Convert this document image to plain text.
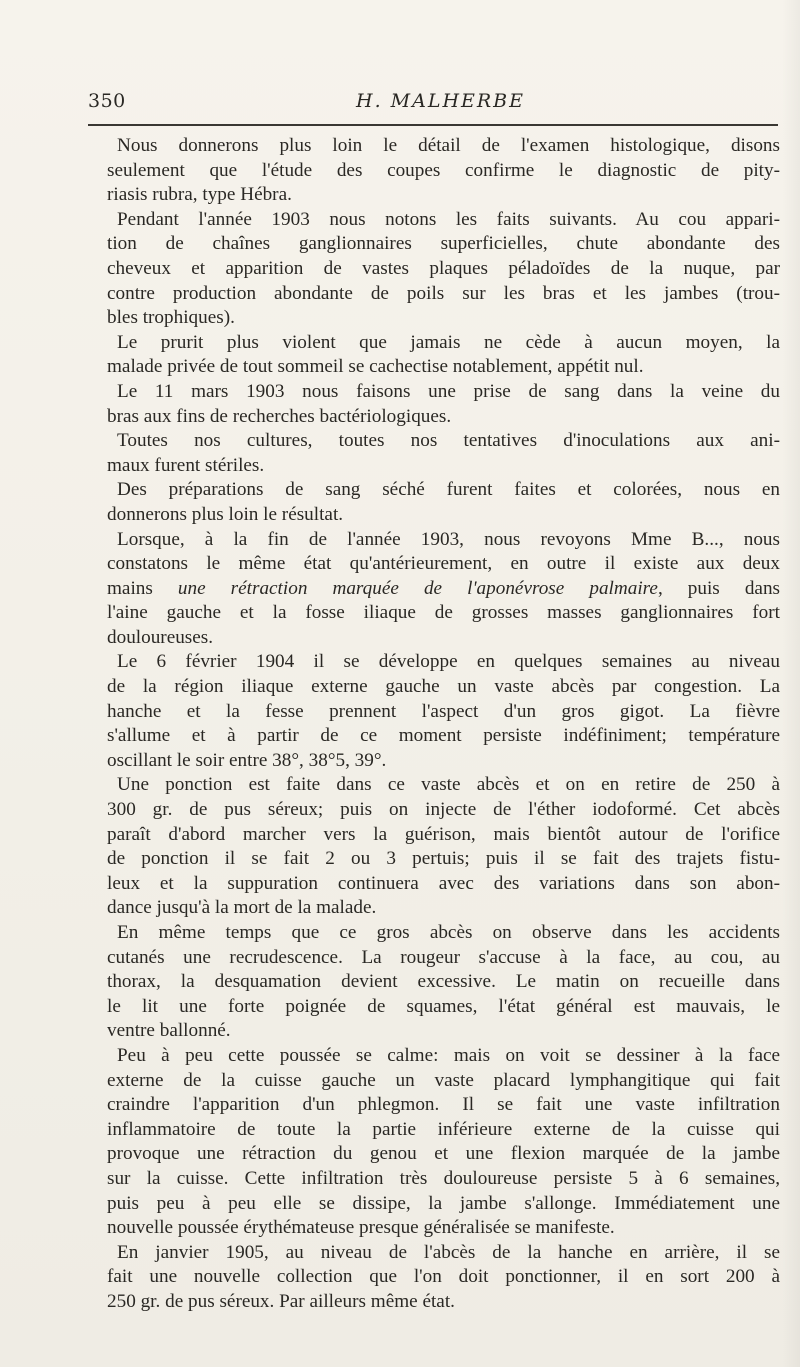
350	H. MALHERBE
Nous donnerons plus loin le détail de l'examen histologique, disons
seulement que l'étude des coupes confirme le diagnostic de pity-
riasis rubra, type Hébra.
Pendant l'année 1903 nous notons les faits suivants. Au cou appari-
tion de chaînes ganglionnaires superficielles, chute abondante des
cheveux et apparition de vastes plaques péladoïdes de la nuque, par
contre production abondante de poils sur les bras et les jambes (trou-
bles trophiques).
Le prurit plus violent que jamais ne cède à aucun moyen, la
malade privée de tout sommeil se cachectise notablement, appétit nul.
Le 11 mars 1903 nous faisons une prise de sang dans la veine du
bras aux fins de recherches bactériologiques.
Toutes nos cultures, toutes nos tentatives d'inoculations aux ani-
maux furent stériles.
Des préparations de sang séché furent faites et colorées, nous en
donnerons plus loin le résultat.
Lorsque, à la fin de l'année 1903, nous revoyons Mme B..., nous
constatons le même état qu'antérieurement, en outre il existe aux deux
mains une rétraction marquée de l'aponévrose palmaire, puis dans
l'aine gauche et la fosse iliaque de grosses masses ganglionnaires fort
douloureuses.
Le 6 février 1904 il se développe en quelques semaines au niveau
de la région iliaque externe gauche un vaste abcès par congestion. La
hanche et la fesse prennent l'aspect d'un gros gigot. La fièvre
s'allume et à partir de ce moment persiste indéfiniment; température
oscillant le soir entre 38°, 38°5, 39°.
Une ponction est faite dans ce vaste abcès et on en retire de 250 à
300 gr. de pus séreux; puis on injecte de l'éther iodoformé. Cet abcès
paraît d'abord marcher vers la guérison, mais bientôt autour de l'orifice
de ponction il se fait 2 ou 3 pertuis; puis il se fait des trajets fistu-
leux et la suppuration continuera avec des variations dans son abon-
dance jusqu'à la mort de la malade.
En même temps que ce gros abcès on observe dans les accidents
cutanés une recrudescence. La rougeur s'accuse à la face, au cou, au
thorax, la desquamation devient excessive. Le matin on recueille dans
le lit une forte poignée de squames, l'état général est mauvais, le
ventre ballonné.
Peu à peu cette poussée se calme: mais on voit se dessiner à la face
externe de la cuisse gauche un vaste placard lymphangitique qui fait
craindre l'apparition d'un phlegmon. Il se fait une vaste infiltration
inflammatoire de toute la partie inférieure externe de la cuisse qui
provoque une rétraction du genou et une flexion marquée de la jambe
sur la cuisse. Cette infiltration très douloureuse persiste 5 à 6 semaines,
puis peu à peu elle se dissipe, la jambe s'allonge. Immédiatement une
nouvelle poussée érythémateuse presque généralisée se manifeste.
En janvier 1905, au niveau de l'abcès de la hanche en arrière, il se
fait une nouvelle collection que l'on doit ponctionner, il en sort 200 à
250 gr. de pus séreux. Par ailleurs même état.
